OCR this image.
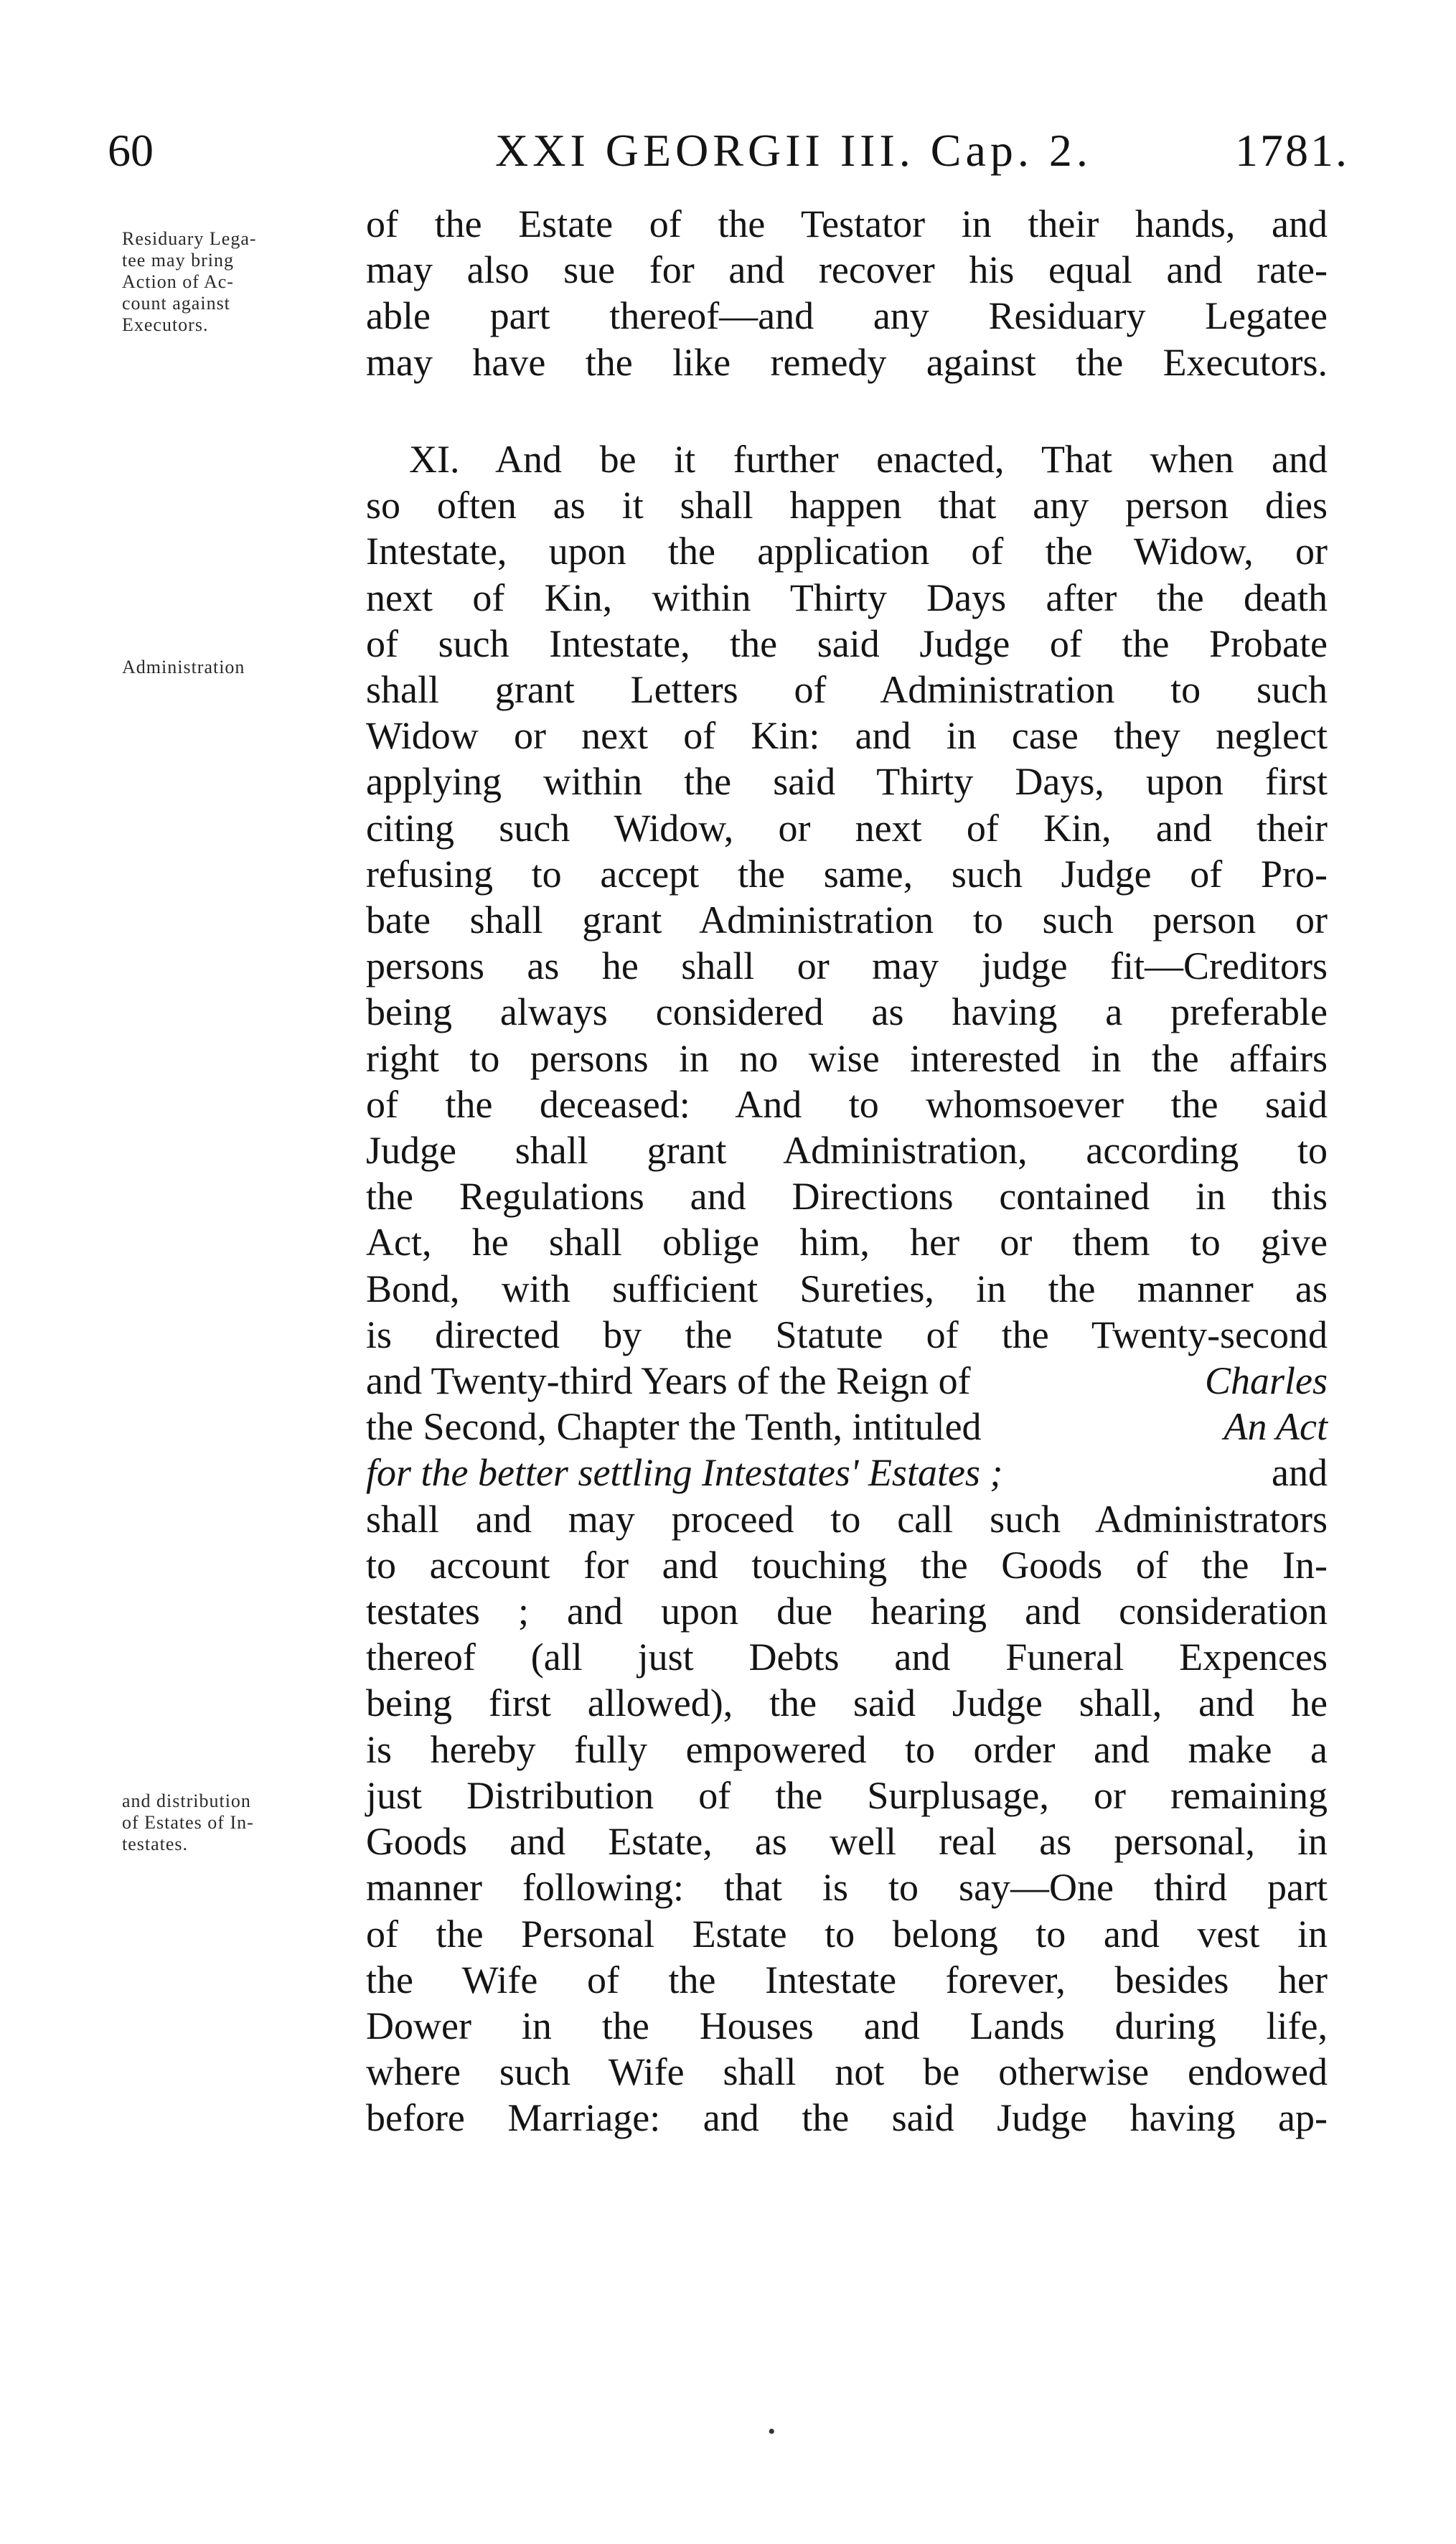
60	XXI GEORGII III. Cap. 2.	1781.
Residuary Lega-
tee may bring
Action of Ac-
count against
Executors.
Administration
and distribution
of Estates of In-
testates.
of the Estate of the Testator in their hands, and
may also sue for and recover his equal and rate-
able part thereof—and any Residuary Legatee
may have the like remedy against the Executors.
XI. And be it further enacted, That when and
so often as it shall happen that any person dies
Intestate, upon the application of the Widow, or
next of Kin, within Thirty Days after the death
of such Intestate, the said Judge of the Probate
shall grant Letters of Administration to such
Widow or next of Kin: and in case they neglect
applying within the said Thirty Days, upon first
citing such Widow, or next of Kin, and their
refusing to accept the same, such Judge of Pro-
bate shall grant Administration to such person or
persons as he shall or may judge fit—Creditors
being always considered as having a preferable
right to persons in no wise interested in the affairs
of the deceased: And to whomsoever the said
Judge shall grant Administration, according to
the Regulations and Directions contained in this
Act, he shall oblige him, her or them to give
Bond, with sufficient Sureties, in the manner as
is directed by the Statute of the Twenty-second
and Twenty-third Years of the Reign of	Charles
the Second, Chapter the Tenth, intituled	An Act
for the better settling Intestates' Estates ;	and
shall and may proceed to call such Administrators
to account for and touching the Goods of the In-
testates ; and upon due hearing and consideration
thereof (all just Debts and Funeral Expences
being first allowed), the said Judge shall, and he
is hereby fully empowered to order and make a
just Distribution of the Surplusage, or remaining
Goods and Estate, as well real as personal, in
manner following: that is to say—One third part
of the Personal Estate to belong to and vest in
the Wife of the Intestate forever, besides her
Dower in the Houses and Lands during life,
where such Wife shall not be otherwise endowed
before Marriage: and the said Judge having ap-
•
